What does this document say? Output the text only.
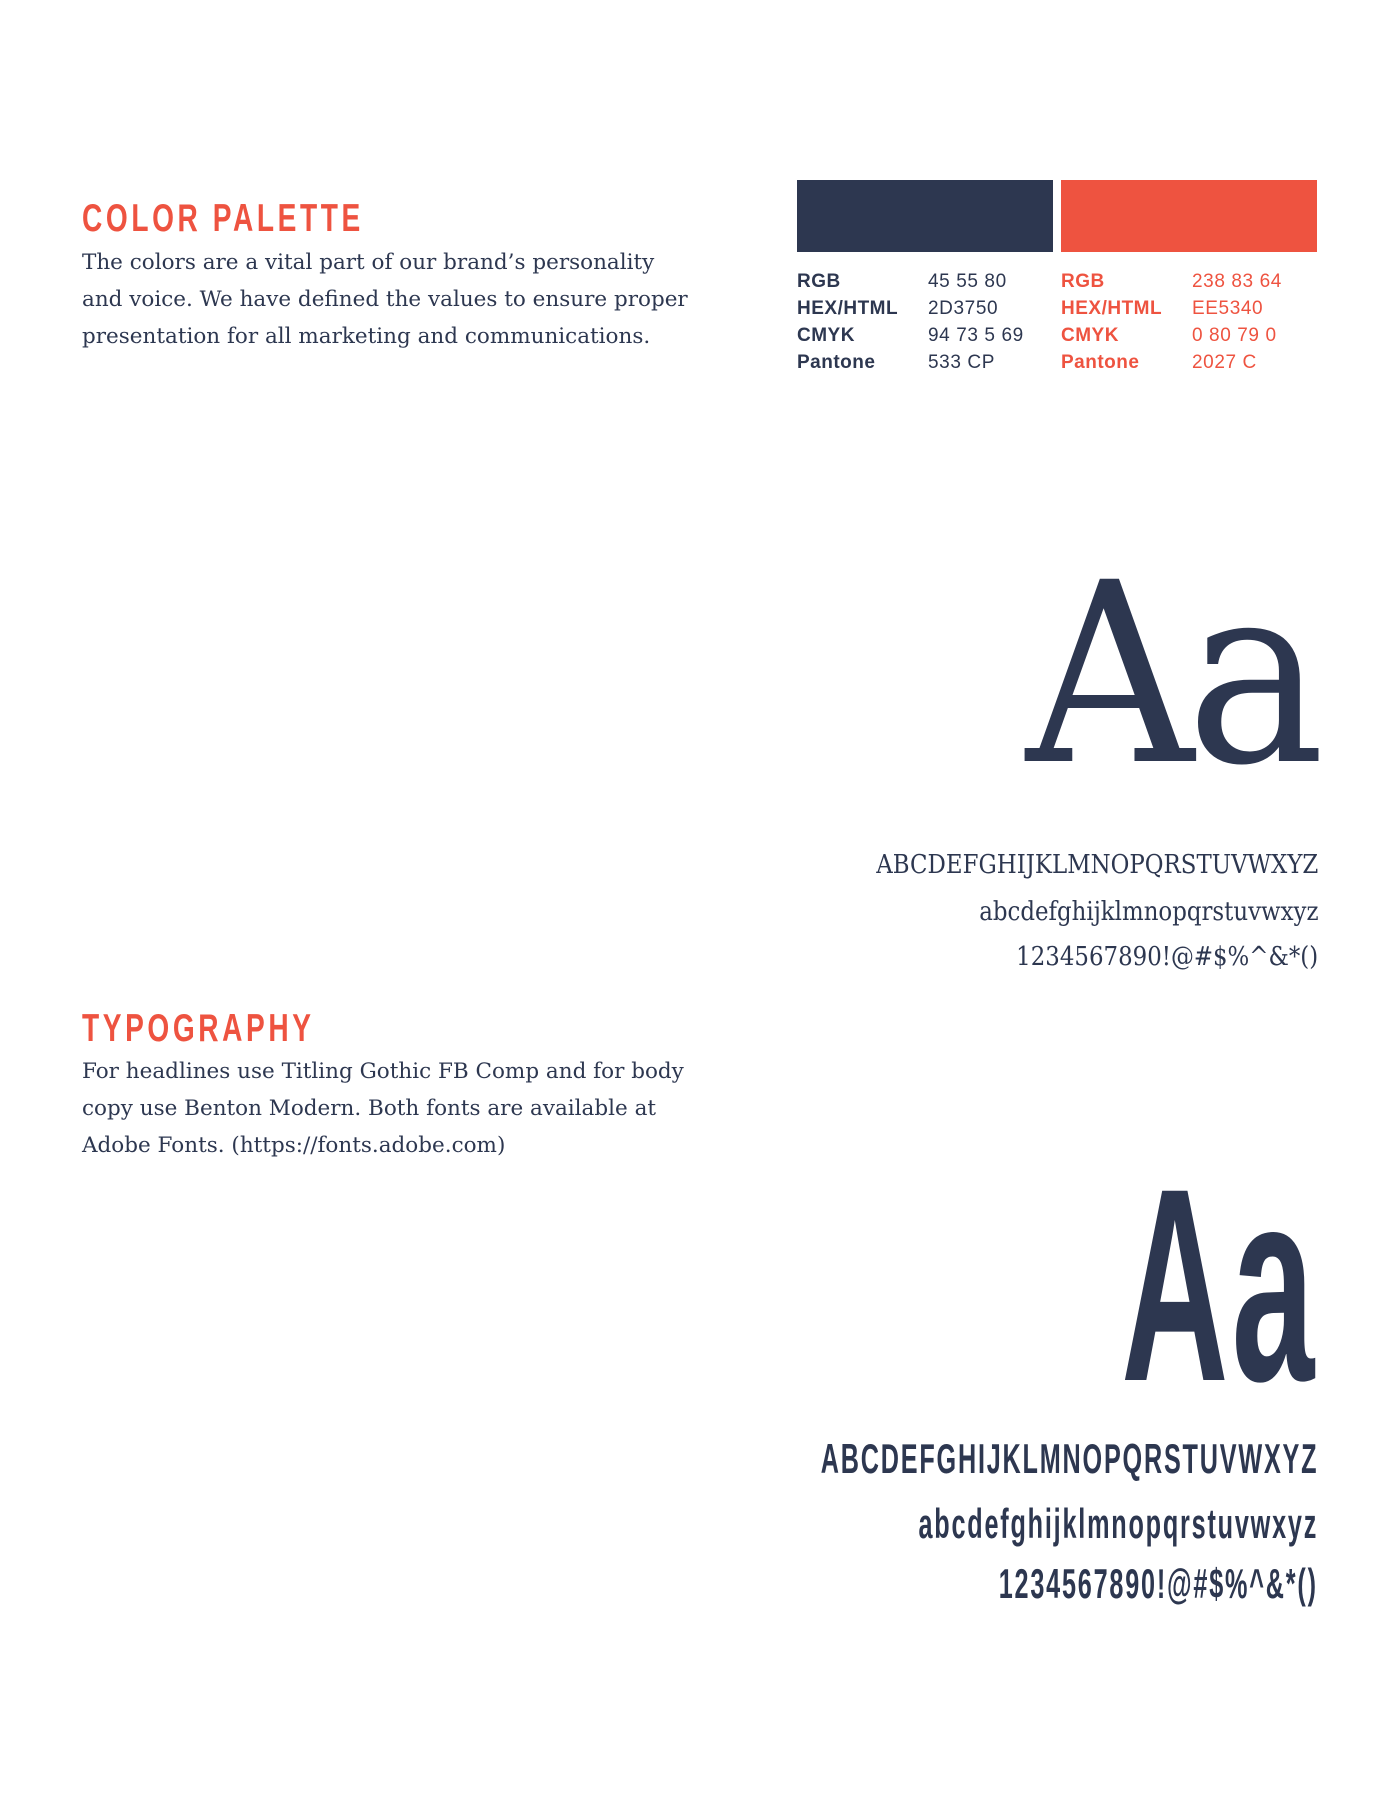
COLOR PALETTE

The colors are a vital part of our brand’s personality and voice. We have defined the values to ensure proper presentation for all marketing and communications.

RGB	45 55 80
HEX/HTML	2D3750
CMYK	94 73 5 69
Pantone	533 CP
RGB	238 83 64
HEX/HTML	EE5340
CMYK	0 80 79 0
Pantone	2027 C
Aa
ABCDEFGHIJKLMNOPQRSTUVWXYZ
abcdefghijklmnopqrstuvwxyz
1234567890!@#$%^&*()
TYPOGRAPHY

For headlines use Titling Gothic FB Comp and for body copy use Benton Modern. Both fonts are available at Adobe Fonts. (https://fonts.adobe.com)	Aa
ABCDEFGHIJKLMNOPQRSTUVWXYZ
abcdefghijklmnopqrstuvwxyz
1234567890!@#$%^&*()
